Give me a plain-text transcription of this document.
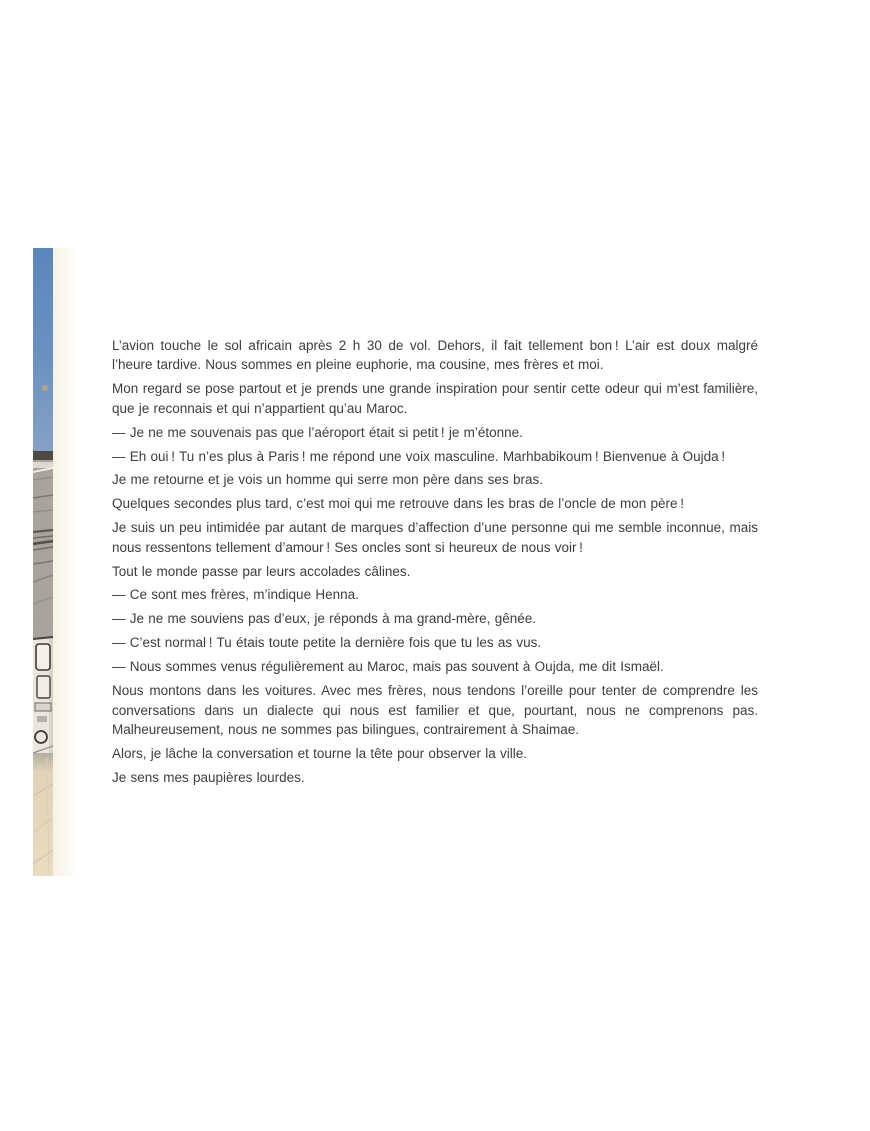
L’avion touche le sol africain après 2 h 30 de vol. Dehors, il fait tellement bon ! L’air est doux malgré l’heure tardive. Nous sommes en pleine euphorie, ma cousine, mes frères et moi.

Mon regard se pose partout et je prends une grande inspiration pour sentir cette odeur qui m’est familière, que je reconnais et qui n’appartient qu’au Maroc.

— Je ne me souvenais pas que l’aéroport était si petit ! je m’étonne.

— Eh oui ! Tu n’es plus à Paris ! me répond une voix masculine. Marhbabikoum ! Bienvenue à Oujda !

Je me retourne et je vois un homme qui serre mon père dans ses bras.

Quelques secondes plus tard, c’est moi qui me retrouve dans les bras de l’oncle de mon père !

Je suis un peu intimidée par autant de marques d’affection d’une personne qui me semble inconnue, mais nous ressentons tellement d’amour ! Ses oncles sont si heureux de nous voir !

Tout le monde passe par leurs accolades câlines.

— Ce sont mes frères, m’indique Henna.

— Je ne me souviens pas d’eux, je réponds à ma grand-mère, gênée.

— C’est normal ! Tu étais toute petite la dernière fois que tu les as vus.

— Nous sommes venus régulièrement au Maroc, mais pas souvent à Oujda, me dit Ismaël.

Nous montons dans les voitures. Avec mes frères, nous tendons l’oreille pour tenter de comprendre les conversations dans un dialecte qui nous est familier et que, pourtant, nous ne comprenons pas. Malheureusement, nous ne sommes pas bilingues, contrairement à Shaimae.

Alors, je lâche la conversation et tourne la tête pour observer la ville.

Je sens mes paupières lourdes.
